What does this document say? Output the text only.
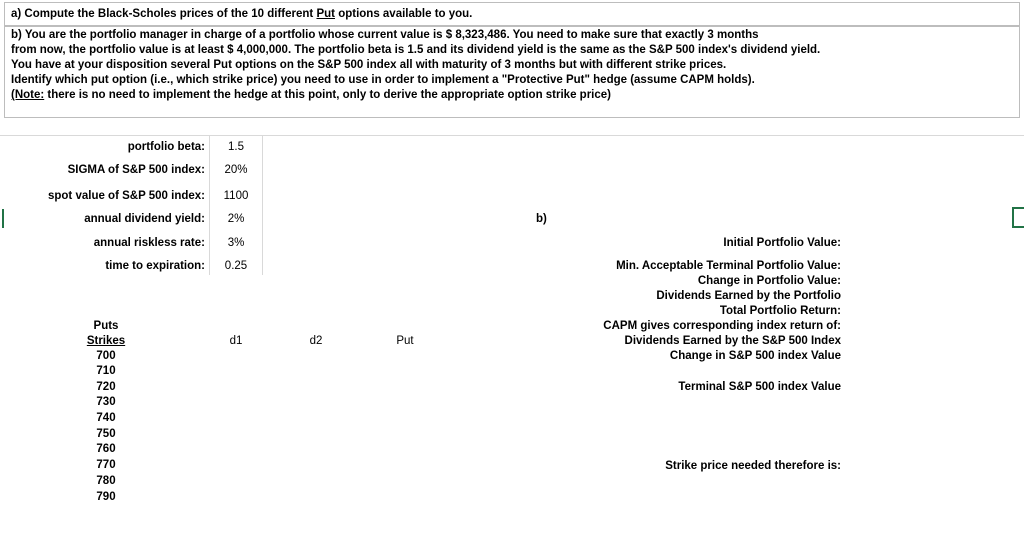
a) Compute the Black-Scholes prices of the 10 different Put options available to you.
b) You are the portfolio manager in charge of a portfolio whose current value is $ 8,323,486. You need to make sure that exactly 3 months
from now, the portfolio value is at least $ 4,000,000. The portfolio beta is 1.5 and its dividend yield is the same as the S&P 500 index's dividend yield.
You have at your disposition several Put options on the S&P 500 index all with maturity of 3 months but with different strike prices.
Identify which put option (i.e., which strike price) you need to use in order to implement a "Protective Put" hedge (assume CAPM holds).
(Note: there is no need to implement the hedge at this point, only to derive the appropriate option strike price)
portfolio beta:	1.5
SIGMA of S&P 500 index:	20%
spot value of S&P 500 index:	1100
annual dividend yield:	2%
annual riskless rate:	3%
time to expiration:	0.25
Puts
Strikes	d1	d2	Put
700
710
720
730
740
750
760
770
780
790
b)
Initial Portfolio Value:
Min. Acceptable Terminal Portfolio Value:
Change in Portfolio Value:
Dividends Earned by the Portfolio
Total Portfolio Return:
CAPM gives corresponding index return of:
Dividends Earned by the S&P 500 Index
Change in S&P 500 index Value
Terminal S&P 500 index Value
Strike price needed therefore is:
